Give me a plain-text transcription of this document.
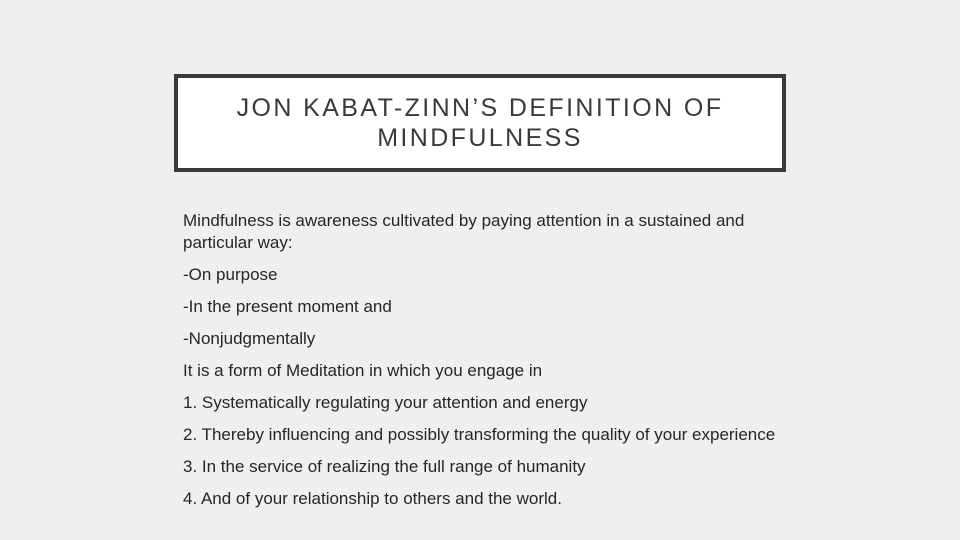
JON KABAT-ZINN’S DEFINITION OF MINDFULNESS

Mindfulness is awareness cultivated by paying attention in a sustained and particular way:

-On purpose

-In the present moment and

-Nonjudgmentally

It is a form of Meditation in which you engage in

1. Systematically regulating your attention and energy

2. Thereby influencing and possibly transforming the quality of your experience

3. In the service of realizing the full range of humanity

4. And of your relationship to others and the world.
